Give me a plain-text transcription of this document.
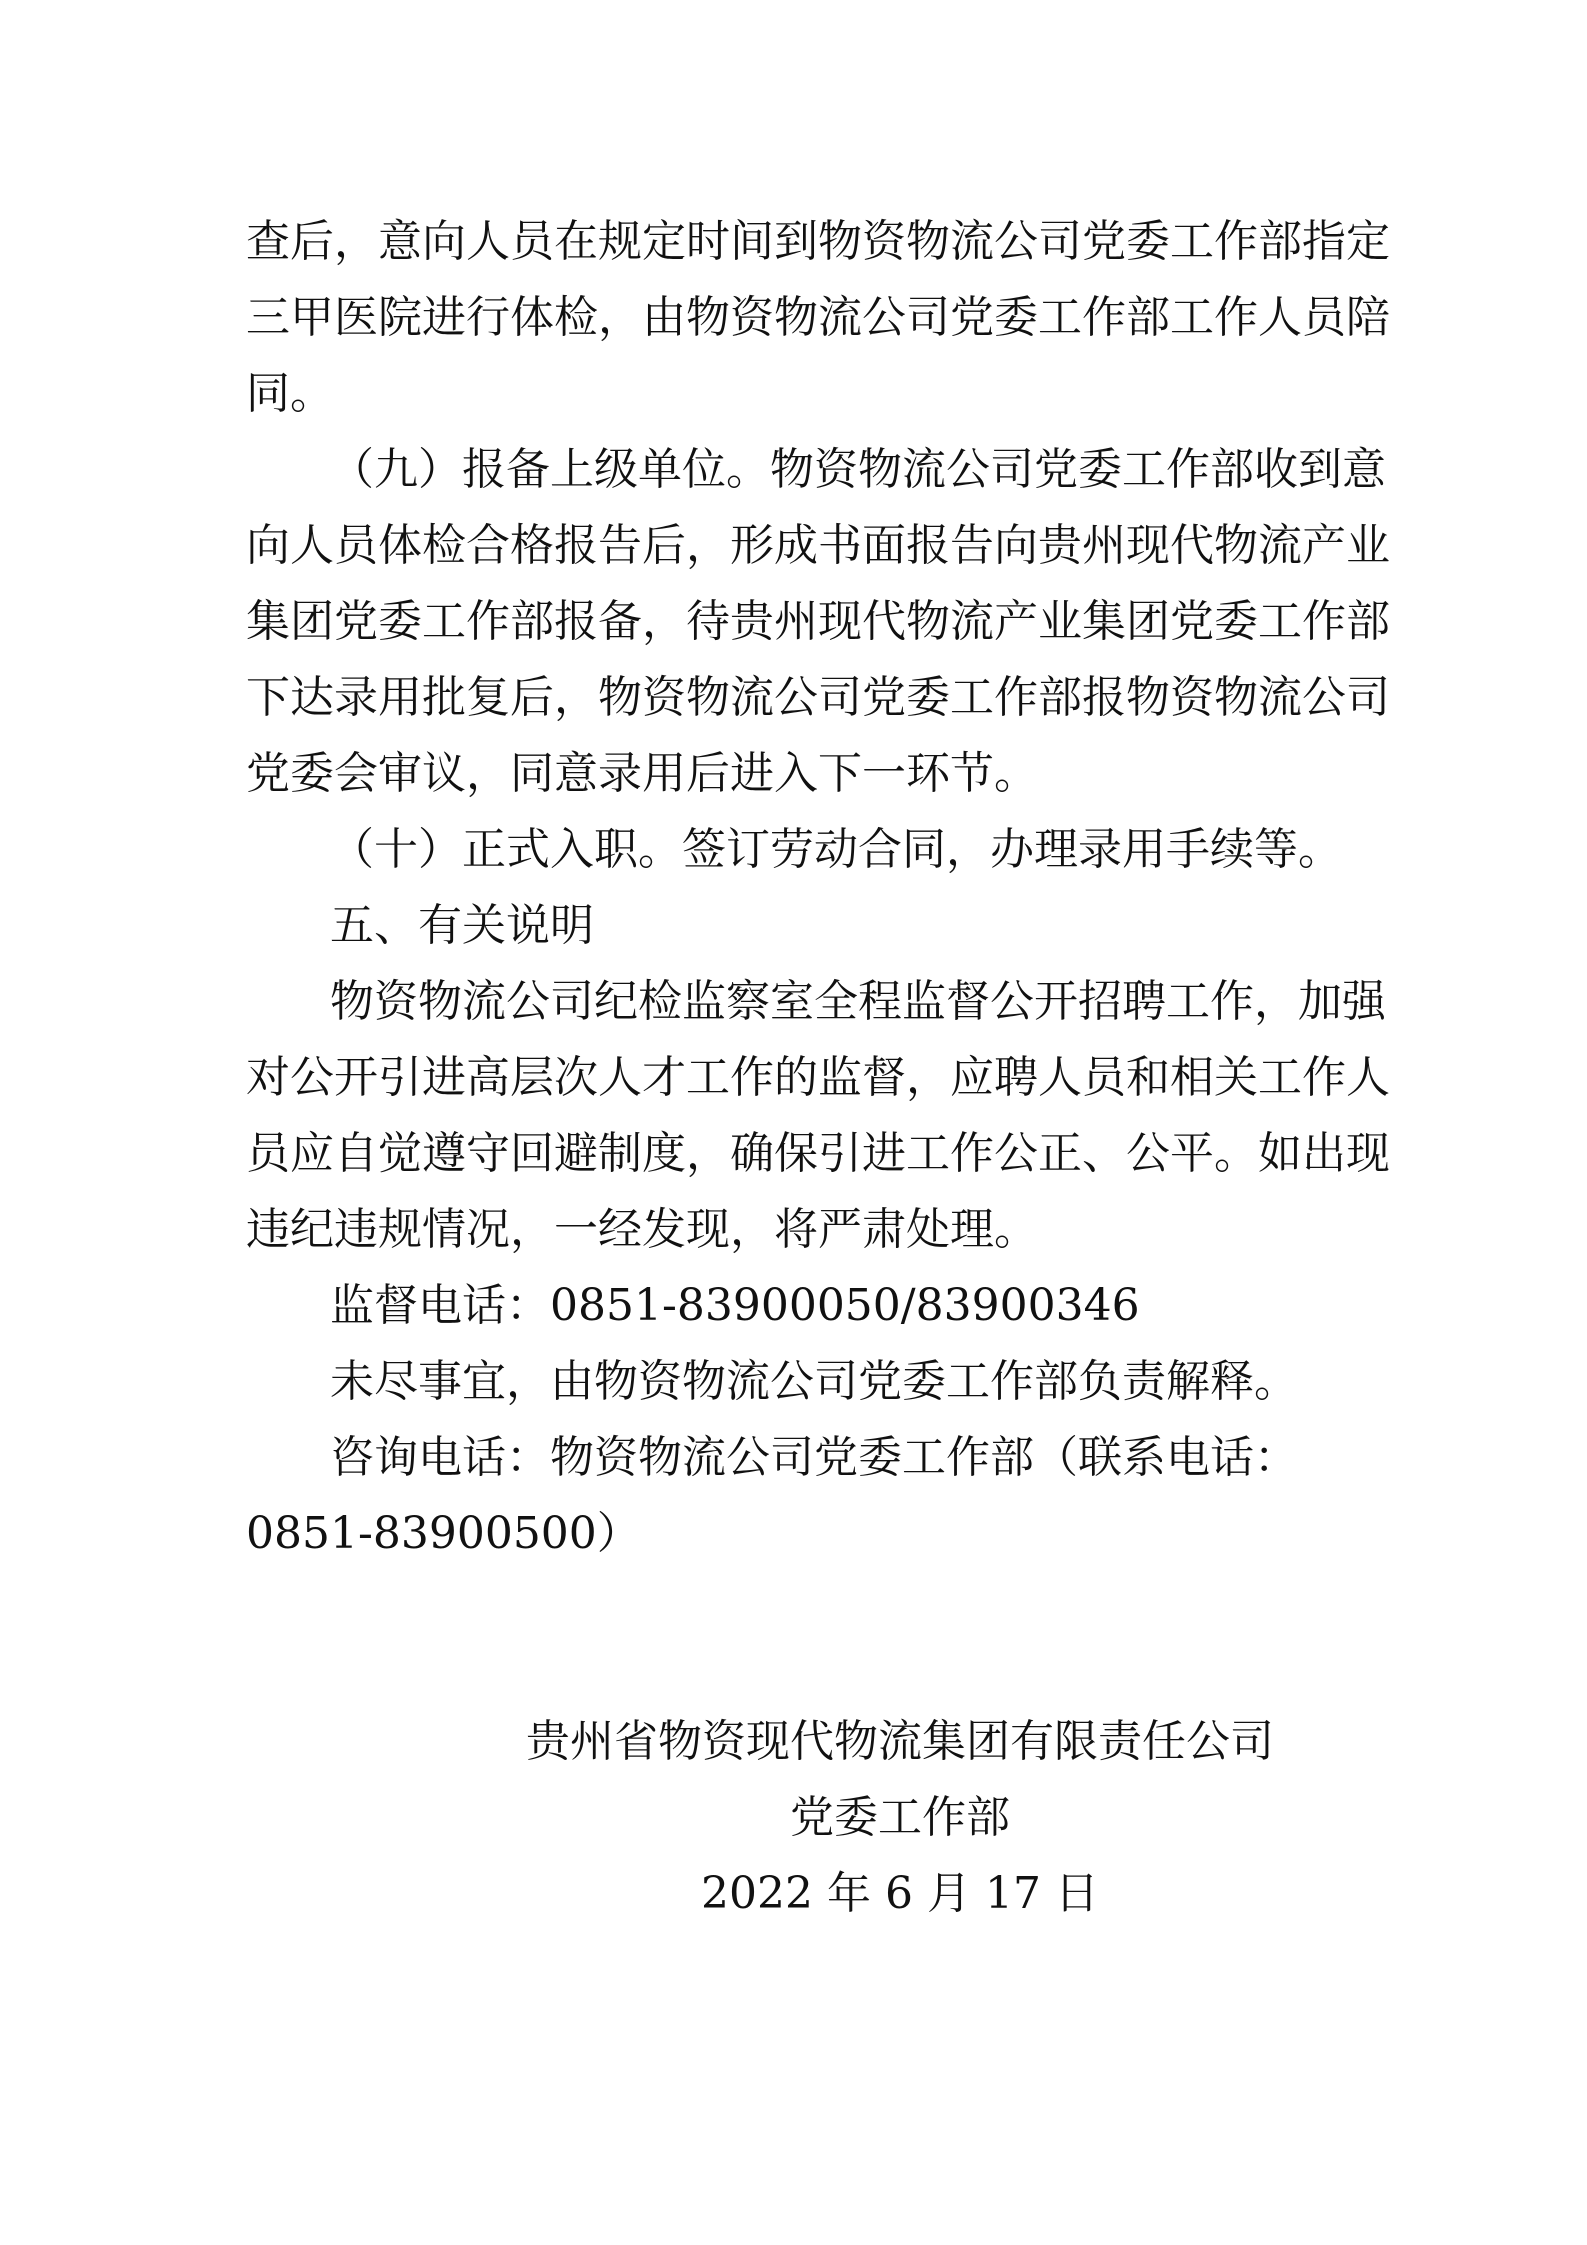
查后，意向人员在规定时间到物资物流公司党委工作部指定
三甲医院进行体检，由物资物流公司党委工作部工作人员陪
同。
（九）报备上级单位。物资物流公司党委工作部收到意
向人员体检合格报告后，形成书面报告向贵州现代物流产业
集团党委工作部报备，待贵州现代物流产业集团党委工作部
下达录用批复后，物资物流公司党委工作部报物资物流公司
党委会审议，同意录用后进入下一环节。
（十）正式入职。签订劳动合同，办理录用手续等。
五、有关说明
物资物流公司纪检监察室全程监督公开招聘工作，加强
对公开引进高层次人才工作的监督，应聘人员和相关工作人
员应自觉遵守回避制度，确保引进工作公正、公平。如出现
违纪违规情况，一经发现，将严肃处理。
监督电话：0851-83900050/83900346
未尽事宜，由物资物流公司党委工作部负责解释。
咨询电话：物资物流公司党委工作部（联系电话：
0851-83900500）
贵州省物资现代物流集团有限责任公司
党委工作部
2022 年 6 月 17 日
